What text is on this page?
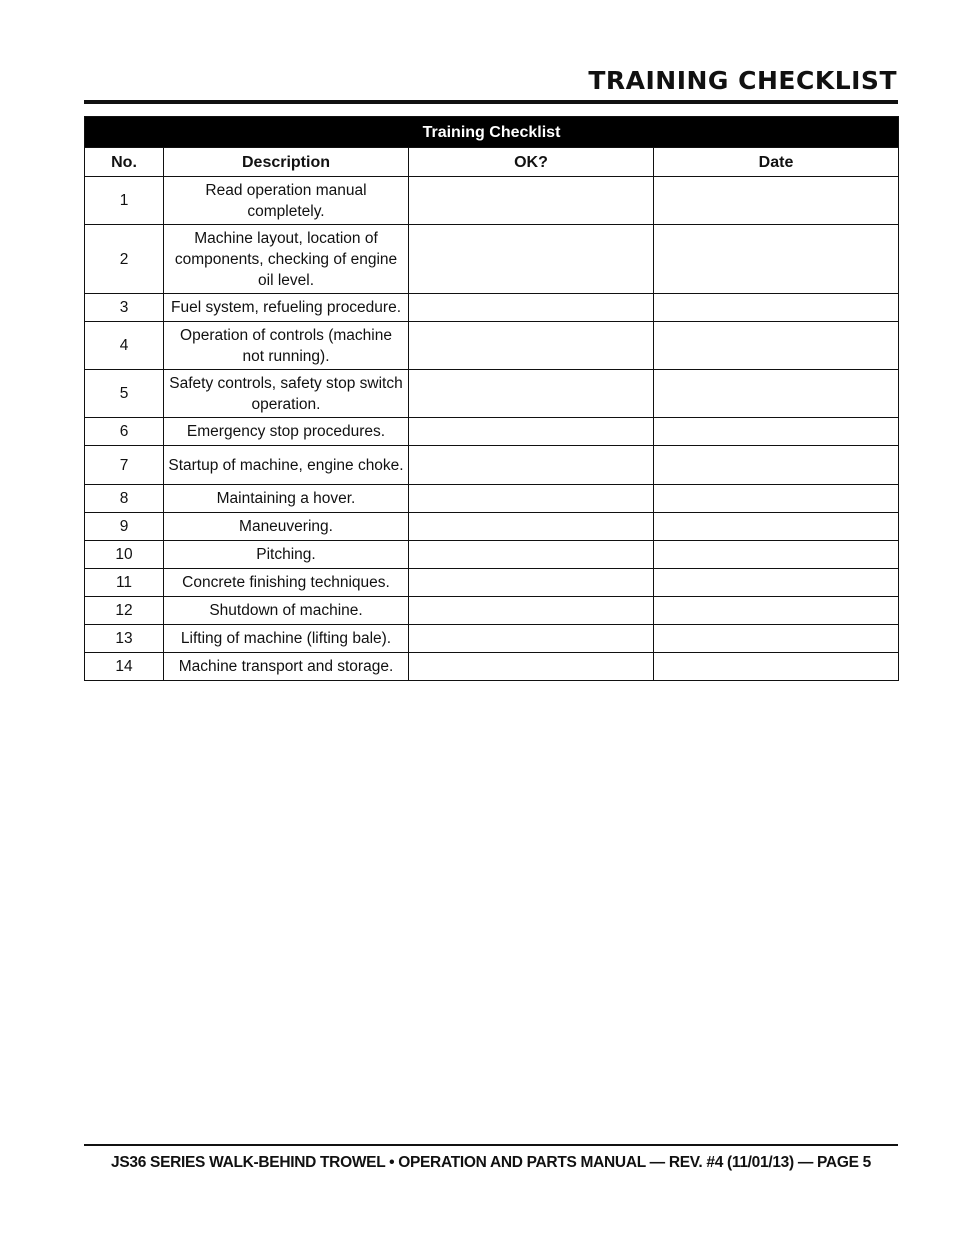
TRAINING CHECKLIST
Training Checklist			
No.	Description	OK?	Date
1	Read operation manual completely.		
2	Machine layout, location of components, checking of engine oil level.		
3	Fuel system, refueling procedure.		
4	Operation of controls (machine not running).		
5	Safety controls, safety stop switch operation.		
6	Emergency stop procedures.		
7	Startup of machine, engine choke.		
8	Maintaining a hover.		
9	Maneuvering.		
10	Pitching.		
11	Concrete finishing techniques.		
12	Shutdown of machine.		
13	Lifting of machine (lifting bale).		
14	Machine transport and storage.		
JS36 SERIES WALK-BEHIND TROWEL • OPERATION AND PARTS MANUAL — REV. #4 (11/01/13) — PAGE 5
